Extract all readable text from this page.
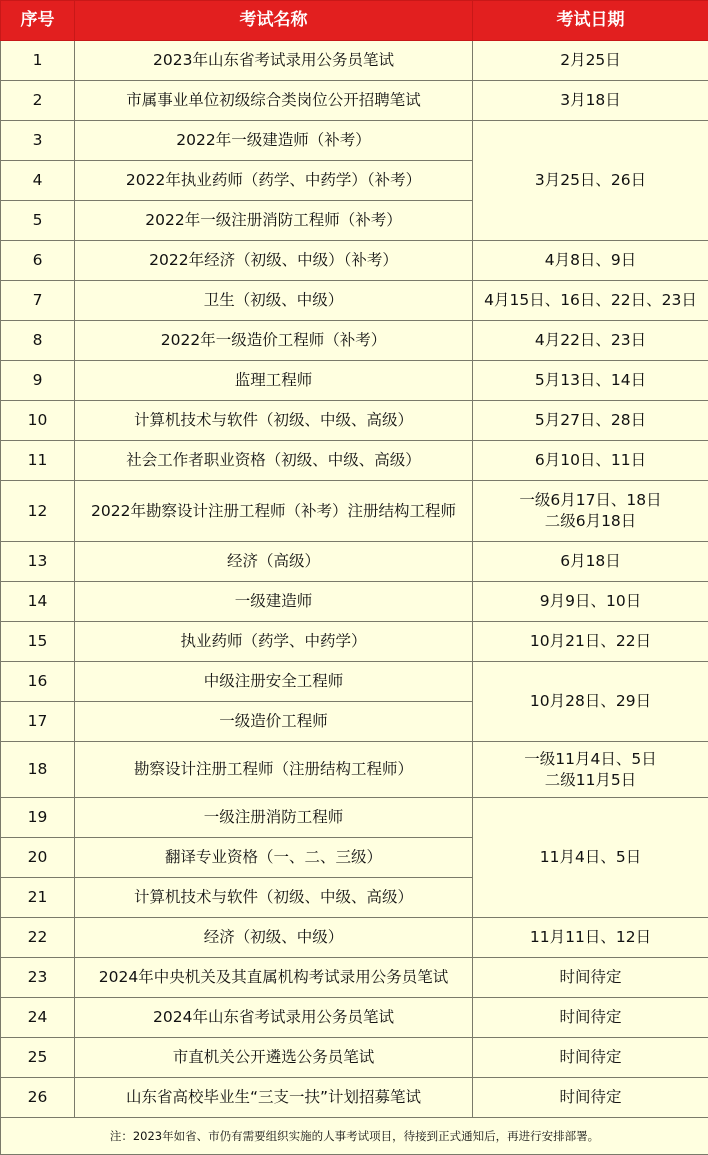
序号	考试名称	考试日期
1	2023年山东省考试录用公务员笔试	2月25日
2	市属事业单位初级综合类岗位公开招聘笔试	3月18日
3	2022年一级建造师（补考）	3月25日、26日
4	2022年执业药师（药学、中药学）（补考）	
5	2022年一级注册消防工程师（补考）	
6	2022年经济（初级、中级）（补考）	4月8日、9日
7	卫生（初级、中级）	4月15日、16日、22日、23日
8	2022年一级造价工程师（补考）	4月22日、23日
9	监理工程师	5月13日、14日
10	计算机技术与软件（初级、中级、高级）	5月27日、28日
11	社会工作者职业资格（初级、中级、高级）	6月10日、11日
12	2022年勘察设计注册工程师（补考）注册结构工程师	一级6月17日、18日
二级6月18日

13	经济（高级）	6月18日
14	一级建造师	9月9日、10日
15	执业药师（药学、中药学）	10月21日、22日
16	中级注册安全工程师	10月28日、29日
17	一级造价工程师	
18	勘察设计注册工程师（注册结构工程师）	一级11月4日、5日
二级11月5日

19	一级注册消防工程师	11月4日、5日
20	翻译专业资格（一、二、三级）	
21	计算机技术与软件（初级、中级、高级）	
22	经济（初级、中级）	11月11日、12日
23	2024年中央机关及其直属机构考试录用公务员笔试	时间待定
24	2024年山东省考试录用公务员笔试	时间待定
25	市直机关公开遴选公务员笔试	时间待定
26	山东省高校毕业生“三支一扶”计划招募笔试	时间待定
注：2023年如省、市仍有需要组织实施的人事考试项目，待接到正式通知后，再进行安排部署。		
